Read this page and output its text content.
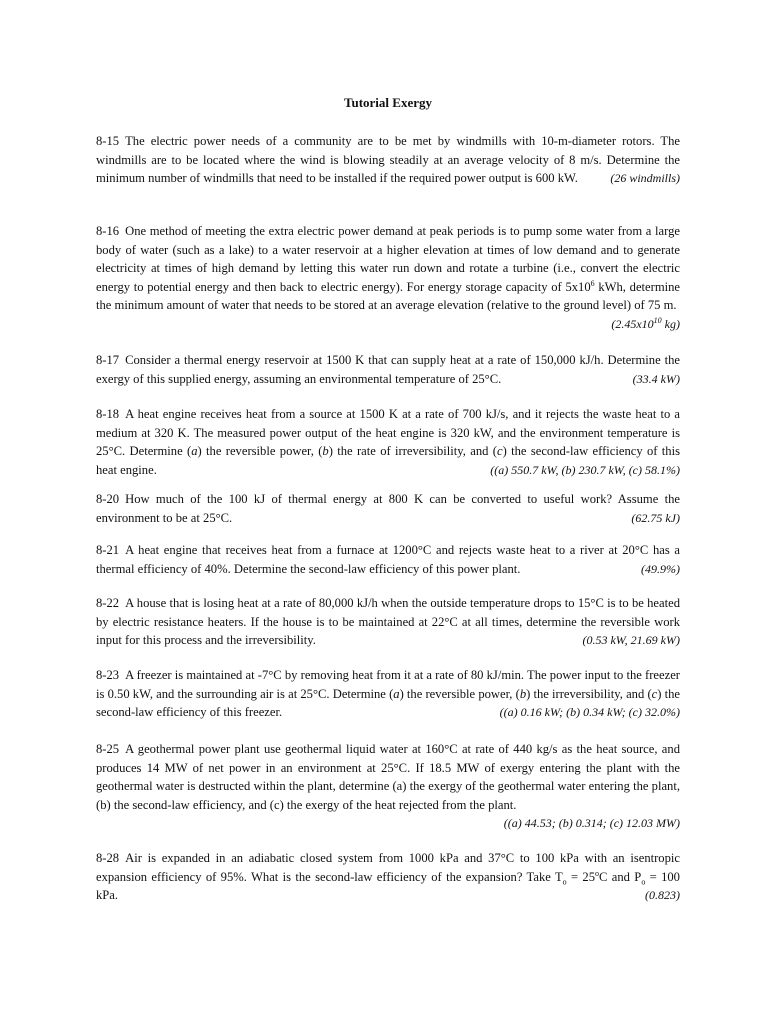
Tutorial Exergy
8-15 The electric power needs of a community are to be met by windmills with 10-m-diameter rotors. The windmills are to be located where the wind is blowing steadily at an average velocity of 8 m/s. Determine the minimum number of windmills that need to be installed if the required power output is 600 kW.	(26 windmills)
8-16 One method of meeting the extra electric power demand at peak periods is to pump some water from a large body of water (such as a lake) to a water reservoir at a higher elevation at times of low demand and to generate electricity at times of high demand by letting this water run down and rotate a turbine (i.e., convert the electric energy to potential energy and then back to electric energy). For energy storage capacity of $5x10^6$ kWh, determine the minimum amount of water that needs to be stored at an average elevation (relative to the ground level) of 75 m.
($2.45x10^{10}$ kg)
8-17 Consider a thermal energy reservoir at 1500 K that can supply heat at a rate of 150,000 kJ/h. Determine the exergy of this supplied energy, assuming an environmental temperature of 25°C.	(33.4 kW)
8-18 A heat engine receives heat from a source at 1500 K at a rate of 700 kJ/s, and it rejects the waste heat to a medium at 320 K. The measured power output of the heat engine is 320 kW, and the environment temperature is 25°C. Determine (a) the reversible power, (b) the rate of irreversibility, and (c) the second-law efficiency of this heat engine.	((a) 550.7 kW, (b) 230.7 kW, (c) 58.1%)
8-20 How much of the 100 kJ of thermal energy at 800 K can be converted to useful work? Assume the environment to be at 25°C.	(62.75 kJ)
8-21 A heat engine that receives heat from a furnace at 1200°C and rejects waste heat to a river at 20°C has a thermal efficiency of 40%. Determine the second-law efficiency of this power plant.	(49.9%)
8-22 A house that is losing heat at a rate of 80,000 kJ/h when the outside temperature drops to 15°C is to be heated by electric resistance heaters. If the house is to be maintained at 22°C at all times, determine the reversible work input for this process and the irreversibility.	(0.53 kW, 21.69 kW)
8-23 A freezer is maintained at -7°C by removing heat from it at a rate of 80 kJ/min. The power input to the freezer is 0.50 kW, and the surrounding air is at 25°C. Determine (a) the reversible power, (b) the irreversibility, and (c) the second-law efficiency of this freezer.	((a) 0.16 kW; (b) 0.34 kW; (c) 32.0%)
8-25 A geothermal power plant use geothermal liquid water at 160°C at rate of 440 kg/s as the heat source, and produces 14 MW of net power in an environment at 25°C. If 18.5 MW of exergy entering the plant with the geothermal water is destructed within the plant, determine (a) the exergy of the geothermal water entering the plant, (b) the second-law efficiency, and (c) the exergy of the heat rejected from the plant.
((a) 44.53; (b) 0.314; (c) 12.03 MW)
8-28 Air is expanded in an adiabatic closed system from 1000 kPa and 37°C to 100 kPa with an isentropic expansion efficiency of 95%. What is the second-law efficiency of the expansion? Take $T_o = 25^oC$ and $P_o = 100$ kPa.	(0.823)
